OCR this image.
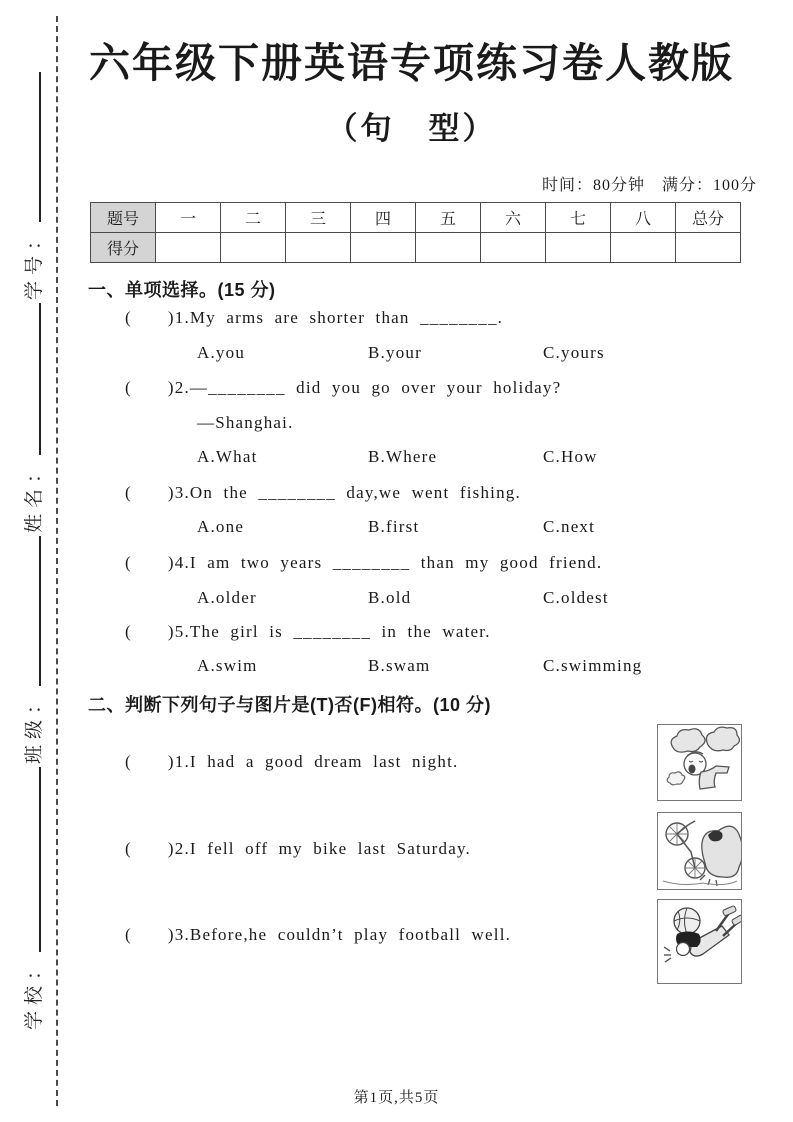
学校：
班级：
姓名：
学号：
六年级下册英语专项练习卷人教版
（句　型）
时间：80分钟　满分：100分
题号	一	二	三	四	五	六	七	八	总分
得分									
一、单项选择。(15 分)
( )1.My arms are shorter than ________.
A.you	B.your	C.yours
( )2.—________ did you go over your holiday?
—Shanghai.
A.What	B.Where	C.How
( )3.On the ________ day,we went fishing.
A.one	B.first	C.next
( )4.I am two years ________ than my good friend.
A.older	B.old	C.oldest
( )5.The girl is ________ in the water.
A.swim	B.swam	C.swimming
二、判断下列句子与图片是(T)否(F)相符。(10 分)
( )1.I had a good dream last night.
( )2.I fell off my bike last Saturday.
( )3.Before,he couldn’t play football well.
第1页,共5页
